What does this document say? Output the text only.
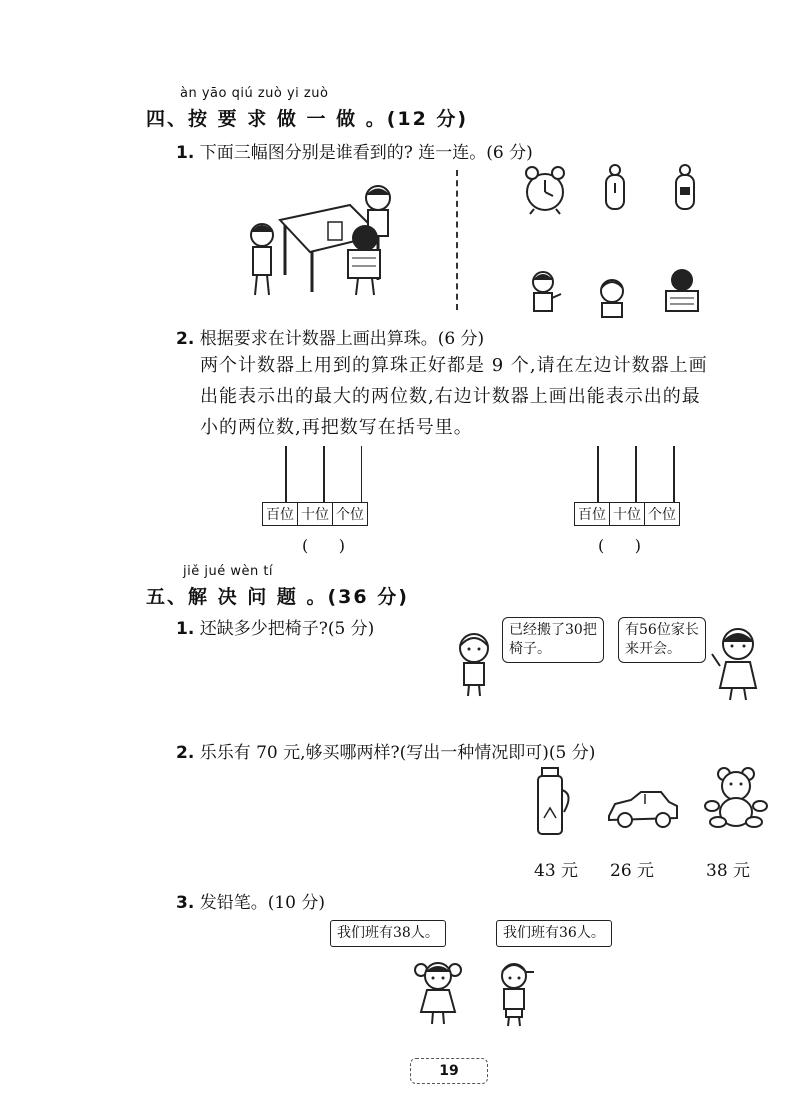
àn yāo qiú zuò yi zuò
四、按 要 求 做 一 做 。(12 分)
1. 下面三幅图分别是谁看到的? 连一连。(6 分)
2. 根据要求在计数器上画出算珠。(6 分)
两个计数器上用到的算珠正好都是 9 个,请在左边计数器上画
出能表示出的最大的两位数,右边计数器上画出能表示出的最
小的两位数,再把数写在括号里。
百位 十位 个位
(      )
百位 十位 个位
(      )
jiě jué wèn tí
五、解 决 问 题 。(36 分)
1. 还缺多少把椅子?(5 分)	已经搬了30把
椅子。
有56位家长
来开会。
2. 乐乐有 70 元,够买哪两样?(写出一种情况即可)(5 分)
43 元 26 元	38 元
3. 发铅笔。(10 分)
我们班有38人。	我们班有36人。
19
